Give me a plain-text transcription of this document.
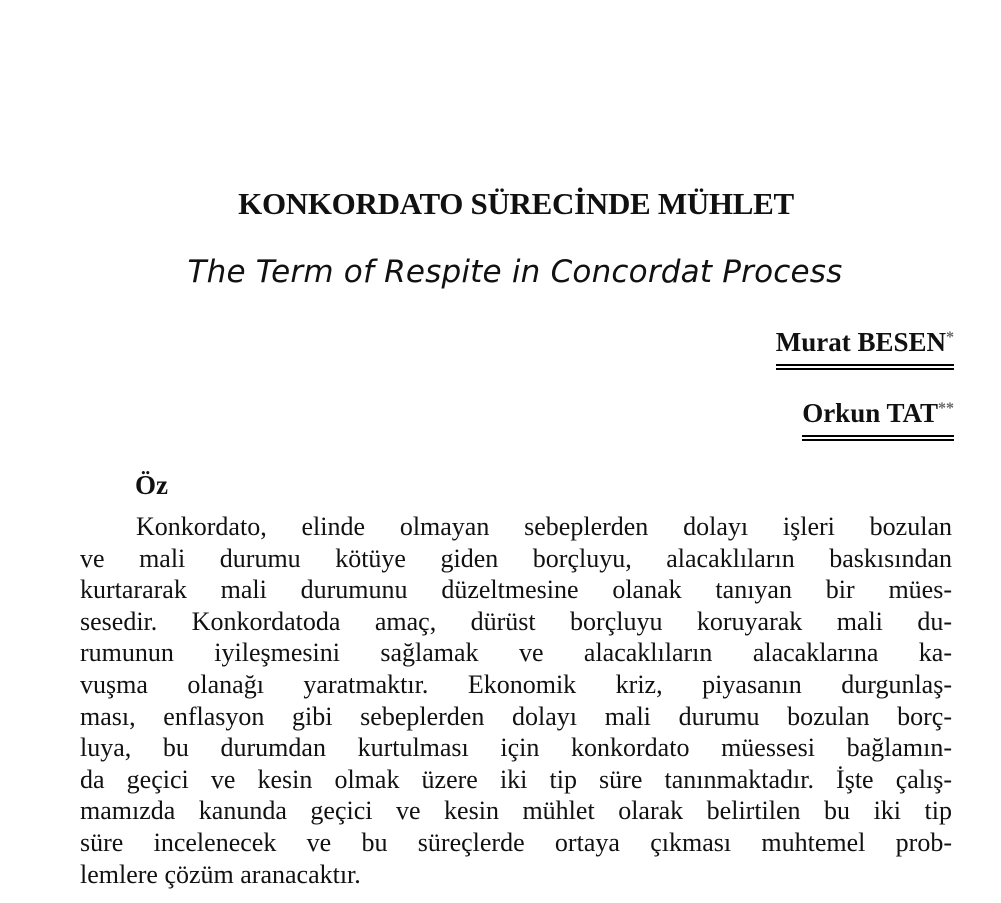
KONKORDATO SÜRECİNDE MÜHLET
The Term of Respite in Concordat Process
Murat BESEN*
Orkun TAT**
Öz

Konkordato, elinde olmayan sebeplerden dolayı işleri bozulan
ve mali durumu kötüye giden borçluyu, alacaklıların baskısından
kurtararak mali durumunu düzeltmesine olanak tanıyan bir mües-
sesedir. Konkordatoda amaç, dürüst borçluyu koruyarak mali du-
rumunun iyileşmesini sağlamak ve alacaklıların alacaklarına ka-
vuşma olanağı yaratmaktır. Ekonomik kriz, piyasanın durgunlaş-
ması, enflasyon gibi sebeplerden dolayı mali durumu bozulan borç-
luya, bu durumdan kurtulması için konkordato müessesi bağlamın-
da geçici ve kesin olmak üzere iki tip süre tanınmaktadır. İşte çalış-
mamızda kanunda geçici ve kesin mühlet olarak belirtilen bu iki tip
süre incelenecek ve bu süreçlerde ortaya çıkması muhtemel prob-
lemlere çözüm aranacaktır.
